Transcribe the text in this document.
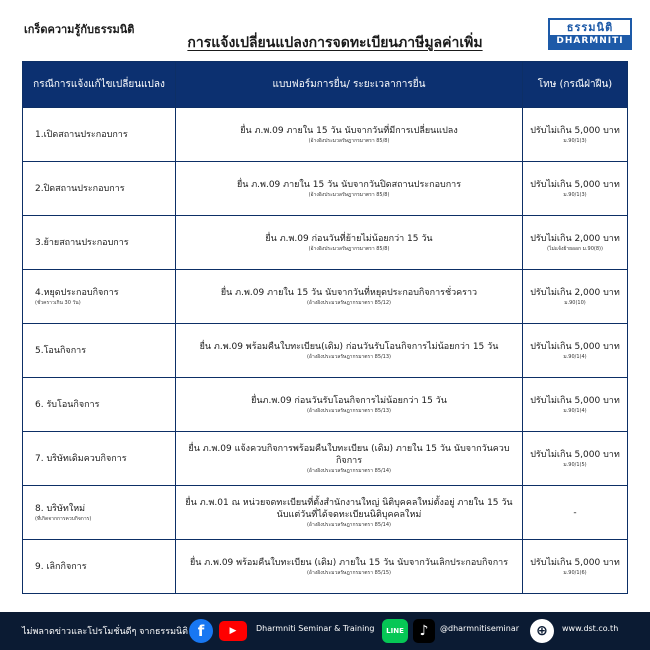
เกร็ดความรู้กับธรรมนิติ
การแจ้งเปลี่ยนแปลงการจดทะเบียนภาษีมูลค่าเพิ่ม
ธรรมนิติ
DHARMNITI
กรณีการแจ้งแก้ไขเปลี่ยนแปลง	แบบฟอร์มการยื่น/ ระยะเวลาการยื่น	โทษ (กรณีฝ่าฝืน)

1.เปิดสถานประกอบการ	ยื่น ภ.พ.09 ภายใน 15 วัน นับจากวันที่มีการเปลี่ยนแปลง
(อ้างอิงประมวลรัษฎากรมาตรา 85/8)	ปรับไม่เกิน 5,000 บาท
ม.90/1(3)

2.ปิดสถานประกอบการ	ยื่น ภ.พ.09 ภายใน 15 วัน นับจากวันปิดสถานประกอบการ
(อ้างอิงประมวลรัษฎากรมาตรา 85/8)	ปรับไม่เกิน 5,000 บาท
ม.90/1(3)

3.ย้ายสถานประกอบการ	ยื่น ภ.พ.09 ก่อนวันที่ย้ายไม่น้อยกว่า 15 วัน
(อ้างอิงประมวลรัษฎากรมาตรา 85/8)	ปรับไม่เกิน 2,000 บาท
(ไม่แจ้งย้ายออก ม.90(8))

4.หยุดประกอบกิจการ
(ชั่วคราวเกิน 30 วัน)	ยื่น ภ.พ.09 ภายใน 15 วัน นับจากวันที่หยุดประกอบกิจการชั่วคราว
(อ้างอิงประมวลรัษฎากรมาตรา 85/12)	ปรับไม่เกิน 2,000 บาท
ม.90(10)

5.โอนกิจการ	ยื่น ภ.พ.09 พร้อมคืนใบทะเบียน(เดิม) ก่อนวันรับโอนกิจการไม่น้อยกว่า 15 วัน
(อ้างอิงประมวลรัษฎากรมาตรา 85/13)	ปรับไม่เกิน 5,000 บาท
ม.90/1(4)

6. รับโอนกิจการ	ยื่นภ.พ.09 ก่อนวันรับโอนกิจการไม่น้อยกว่า 15 วัน
(อ้างอิงประมวลรัษฎากรมาตรา 85/13)	ปรับไม่เกิน 5,000 บาท
ม.90/1(4)

7. บริษัทเดิมควบกิจการ	ยื่น ภ.พ.09 แจ้งควบกิจการพร้อมคืนใบทะเบียน (เดิม) ภายใน 15 วัน นับจากวันควบกิจการ
(อ้างอิงประมวลรัษฎากรมาตรา 85/14)	ปรับไม่เกิน 5,000 บาท
ม.90/1(5)

8. บริษัทใหม่
(ที่เกิดจากการควบกิจการ)	ยื่น ภ.พ.01 ณ หน่วยจดทะเบียนที่ตั้งสำนักงานใหญ่ นิติบุคคลใหม่ตั้งอยู่ ภายใน 15 วัน นับแต่วันที่ได้จดทะเบียนนิติบุคคลใหม่
(อ้างอิงประมวลรัษฎากรมาตรา 85/14)	-

9. เลิกกิจการ	ยื่น ภ.พ.09 พร้อมคืนใบทะเบียน (เดิม) ภายใน 15 วัน นับจากวันเลิกประกอบกิจการ
(อ้างอิงประมวลรัษฎากรมาตรา 85/15)	ปรับไม่เกิน 5,000 บาท
ม.90/1(6)
ไม่พลาดข่าวและโปรโมชั่นดีๆ จากธรรมนิติ f	▶	Dharmniti Seminar & Training	LINE	♪	@dharmnitiseminar	⊕	www.dst.co.th
